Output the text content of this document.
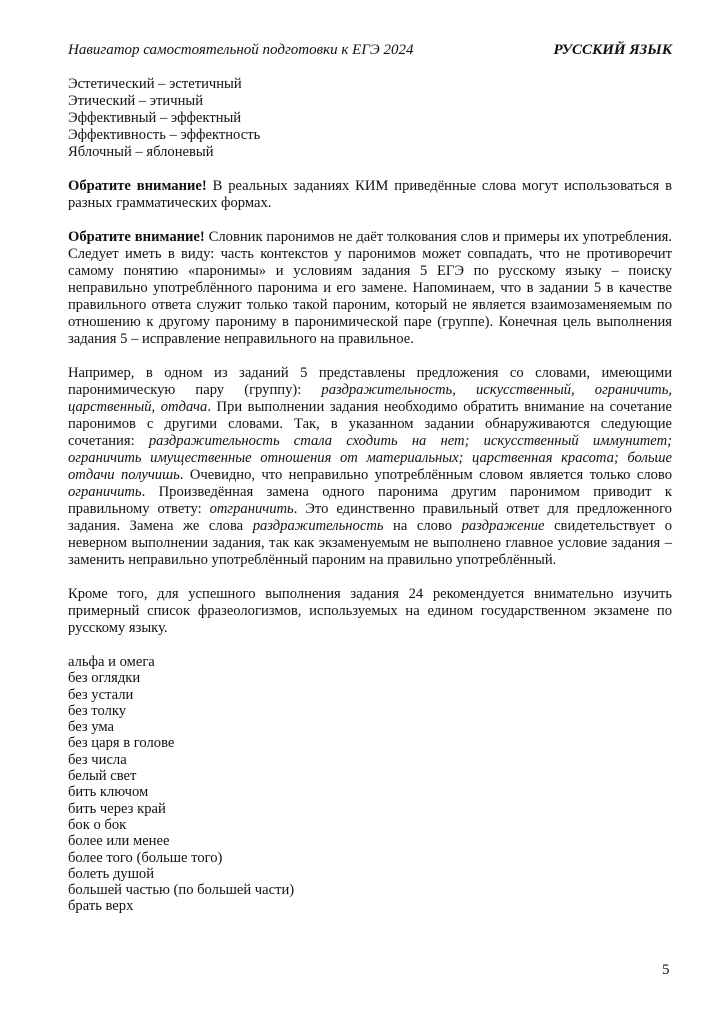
Навигатор самостоятельной подготовки к ЕГЭ 2024	РУССКИЙ ЯЗЫК
Эстетический – эстетичный
Этический – этичный
Эффективный – эффектный
Эффективность – эффектность
Яблочный – яблоневый

Обратите внимание! В реальных заданиях КИМ приведённые слова могут использоваться в разных грамматических формах.

Обратите внимание! Словник паронимов не даёт толкования слов и примеры их употребления. Следует иметь в виду: часть контекстов у паронимов может совпадать, что не противоречит самому понятию «паронимы» и условиям задания 5 ЕГЭ по русскому языку – поиску неправильно употреблённого паронима и его замене. Напоминаем, что в задании 5 в качестве правильного ответа служит только такой пароним, который не является взаимозаменяемым по отношению к другому парониму в паронимической паре (группе). Конечная цель выполнения задания 5 – исправление неправильного на правильное.

Например, в одном из заданий 5 представлены предложения со словами, имеющими паронимическую пару (группу): раздражительность, искусственный, ограничить, царственный, отдача. При выполнении задания необходимо обратить внимание на сочетание паронимов с другими словами. Так, в указанном задании обнаруживаются следующие сочетания: раздражительность стала сходить на нет; искусственный иммунитет; ограничить имущественные отношения от материальных; царственная красота; больше отдачи получишь. Очевидно, что неправильно употреблённым словом является только слово ограничить. Произведённая замена одного паронима другим паронимом приводит к правильному ответу: отграничить. Это единственно правильный ответ для предложенного задания. Замена же слова раздражительность на слово раздражение свидетельствует о неверном выполнении задания, так как экзаменуемым не выполнено главное условие задания – заменить неправильно употреблённый пароним на правильно употреблённый.

Кроме того, для успешного выполнения задания 24 рекомендуется внимательно изучить примерный список фразеологизмов, используемых на едином государственном экзамене по русскому языку.

альфа и омега
без оглядки
без устали
без толку
без ума
без царя в голове
без числа
белый свет
бить ключом
бить через край
бок о бок
более или менее
более того (больше того)
болеть душой
большей частью (по большей части)
брать верх
5
